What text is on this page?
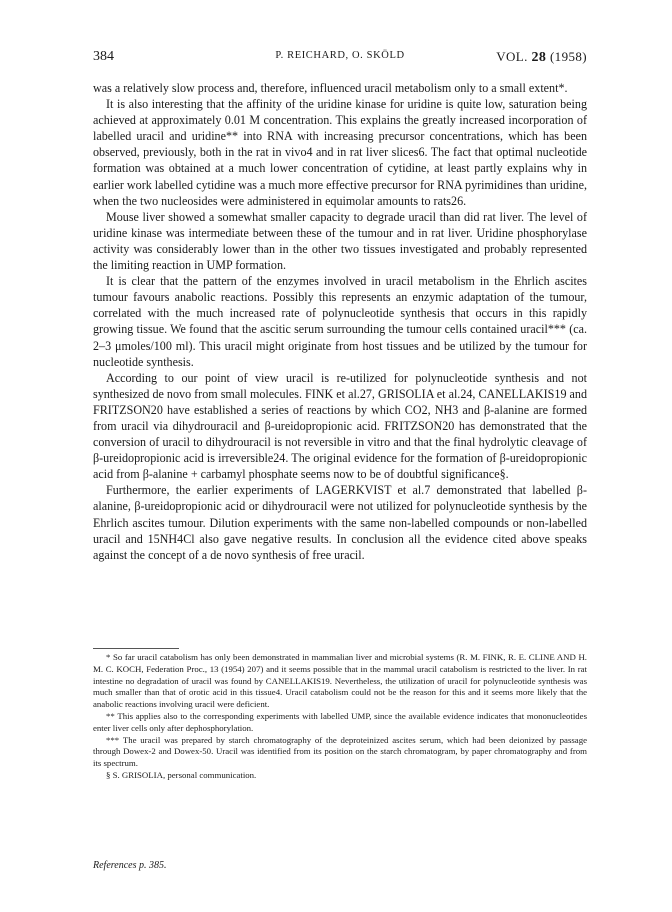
384	P. REICHARD, O. SKÖLD	VOL. 28 (1958)

was a relatively slow process and, therefore, influenced uracil metabolism only to a small extent*.

It is also interesting that the affinity of the uridine kinase for uridine is quite low, saturation being achieved at approximately 0.01 M concentration. This explains the greatly increased incorporation of labelled uracil and uridine** into RNA with increasing precursor concentrations, which has been observed, previously, both in the rat in vivo4 and in rat liver slices6. The fact that optimal nucleotide formation was obtained at a much lower concentration of cytidine, at least partly explains why in earlier work labelled cytidine was a much more effective precursor for RNA pyrimidines than uridine, when the two nucleosides were administered in equimolar amounts to rats26.

Mouse liver showed a somewhat smaller capacity to degrade uracil than did rat liver. The level of uridine kinase was intermediate between these of the tumour and in rat liver. Uridine phosphorylase activity was considerably lower than in the other two tissues investigated and probably represented the limiting reaction in UMP formation.

It is clear that the pattern of the enzymes involved in uracil metabolism in the Ehrlich ascites tumour favours anabolic reactions. Possibly this represents an enzymic adaptation of the tumour, correlated with the much increased rate of polynucleotide synthesis that occurs in this rapidly growing tissue. We found that the ascitic serum surrounding the tumour cells contained uracil*** (ca. 2–3 μmoles/100 ml). This uracil might originate from host tissues and be utilized by the tumour for nucleotide synthesis.

According to our point of view uracil is re-utilized for polynucleotide synthesis and not synthesized de novo from small molecules. FINK et al.27, GRISOLIA et al.24, CANELLAKIS19 and FRITZSON20 have established a series of reactions by which CO2, NH3 and β-alanine are formed from uracil via dihydrouracil and β-ureidopropionic acid. FRITZSON20 has demonstrated that the conversion of uracil to dihydrouracil is not reversible in vitro and that the final hydrolytic cleavage of β-ureidopropionic acid is irreversible24. The original evidence for the formation of β-ureidopropionic acid from β-alanine + carbamyl phosphate seems now to be of doubtful significance§.

Furthermore, the earlier experiments of LAGERKVIST et al.7 demonstrated that labelled β-alanine, β-ureidopropionic acid or dihydrouracil were not utilized for polynucleotide synthesis by the Ehrlich ascites tumour. Dilution experiments with the same non-labelled compounds or non-labelled uracil and 15NH4Cl also gave negative results. In conclusion all the evidence cited above speaks against the concept of a de novo synthesis of free uracil.

* So far uracil catabolism has only been demonstrated in mammalian liver and microbial systems (R. M. FINK, R. E. CLINE AND H. M. C. KOCH, Federation Proc., 13 (1954) 207) and it seems possible that in the mammal uracil catabolism is restricted to the liver. In rat intestine no degradation of uracil was found by CANELLAKIS19. Nevertheless, the utilization of uracil for polynucleotide synthesis was much smaller than that of orotic acid in this tissue4. Uracil catabolism could not be the reason for this and it seems more likely that the anabolic reactions involving uracil were deficient.

** This applies also to the corresponding experiments with labelled UMP, since the available evidence indicates that mononucleotides enter liver cells only after dephosphorylation.

*** The uracil was prepared by starch chromatography of the deproteinized ascites serum, which had been deionized by passage through Dowex-2 and Dowex-50. Uracil was identified from its position on the starch chromatogram, by paper chromatography and from its spectrum.

§ S. GRISOLIA, personal communication.

References p. 385.
